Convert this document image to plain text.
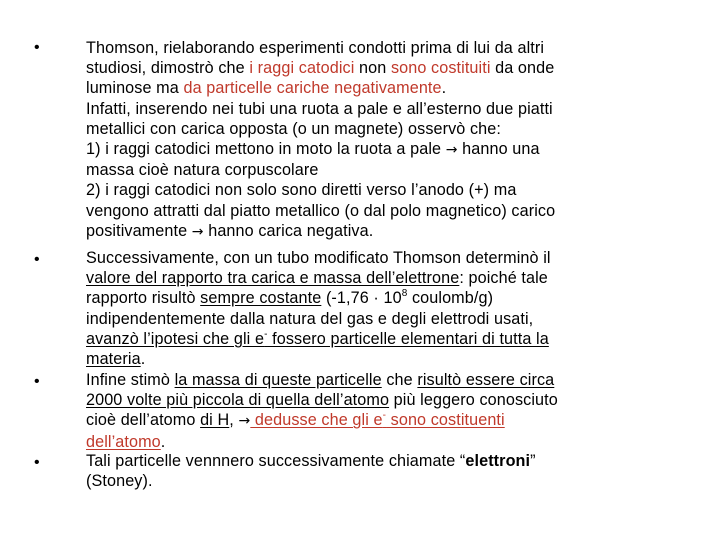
•	Thomson, rielaborando esperimenti condotti prima di lui da altri
studiosi, dimostrò che i raggi catodici non sono costituiti da onde
luminose ma da particelle cariche negativamente.
Infatti, inserendo nei tubi una ruota a pale e all’esterno due piatti
metallici con carica opposta (o un magnete) osservò che:
1) i raggi catodici mettono in moto la ruota a pale → hanno una
massa cioè natura corpuscolare
2) i raggi catodici non solo sono diretti verso l’anodo (+) ma
vengono attratti dal piatto metallico (o dal polo magnetico) carico
positivamente → hanno carica negativa.
•	Successivamente, con un tubo modificato Thomson determinò il
valore del rapporto tra carica e massa dell’elettrone: poiché tale
rapporto risultò sempre costante ($-1,76 \cdot 10^8$ coulomb/g)
indipendentemente dalla natura del gas e degli elettrodi usati,
avanzò l’ipotesi che gli e- fossero particelle elementari di tutta la
materia.
•	Infine stimò la massa di queste particelle che risultò essere circa
2000 volte più piccola di quella dell’atomo più leggero conosciuto
cioè dell’atomo di H, → dedusse che gli e- sono costituenti
dell’atomo.
•	Tali particelle vennnero successivamente chiamate “elettroni”
(Stoney).
